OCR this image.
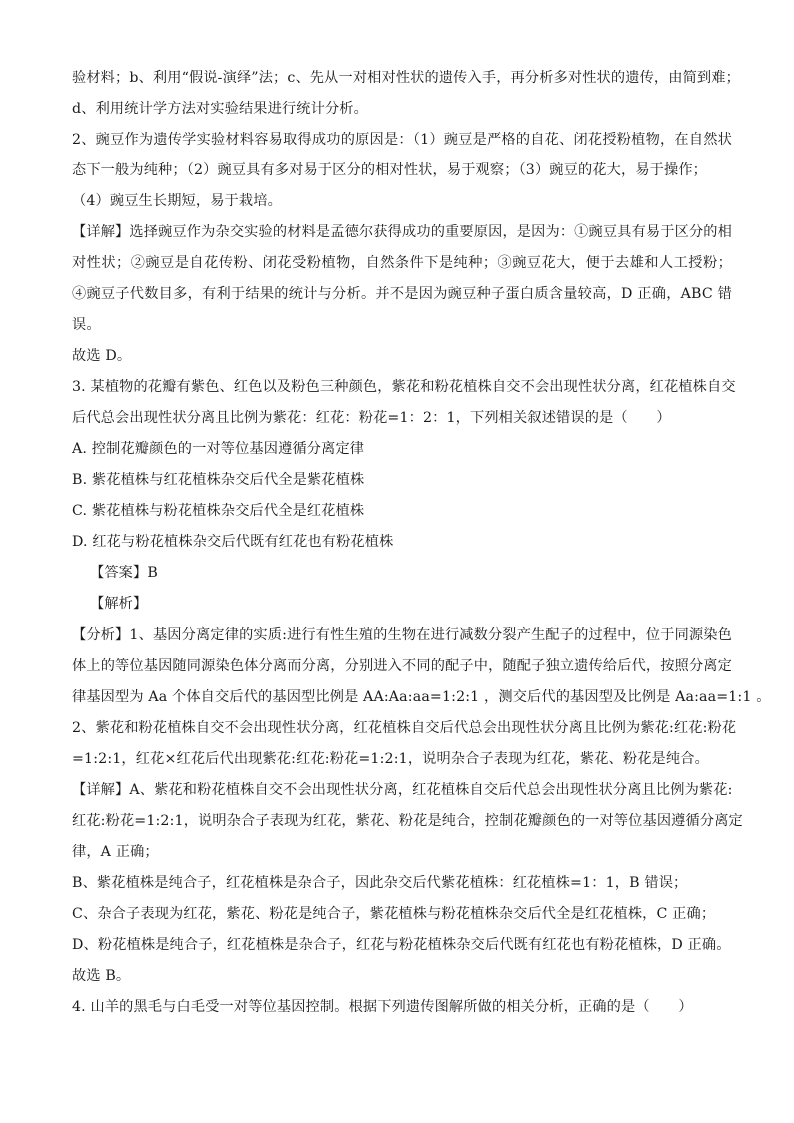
验材料；b、利用“假说-演绎”法；c、先从一对相对性状的遗传入手，再分析多对性状的遗传，由简到难；
d、利用统计学方法对实验结果进行统计分析。
2、豌豆作为遗传学实验材料容易取得成功的原因是：（1）豌豆是严格的自花、闭花授粉植物，在自然状
态下一般为纯种；（2）豌豆具有多对易于区分的相对性状，易于观察；（3）豌豆的花大，易于操作；
（4）豌豆生长期短，易于栽培。
【详解】选择豌豆作为杂交实验的材料是孟德尔获得成功的重要原因，是因为：①豌豆具有易于区分的相
对性状；②豌豆是自花传粉、闭花受粉植物，自然条件下是纯种；③豌豆花大，便于去雄和人工授粉；
④豌豆子代数目多，有利于结果的统计与分析。并不是因为豌豆种子蛋白质含量较高，D 正确，ABC 错
误。
故选 D。
3. 某植物的花瓣有紫色、红色以及粉色三种颜色，紫花和粉花植株自交不会出现性状分离，红花植株自交
后代总会出现性状分离且比例为紫花：红花：粉花=1：2：1，下列相关叙述错误的是（　　）
A. 控制花瓣颜色的一对等位基因遵循分离定律
B. 紫花植株与红花植株杂交后代全是紫花植株
C. 紫花植株与粉花植株杂交后代全是红花植株
D. 红花与粉花植株杂交后代既有红花也有粉花植株
【答案】B
【解析】
【分析】1、基因分离定律的实质:进行有性生殖的生物在进行减数分裂产生配子的过程中，位于同源染色
体上的等位基因随同源染色体分离而分离，分别进入不同的配子中，随配子独立遗传给后代，按照分离定
律基因型为 Aa 个体自交后代的基因型比例是 AA:Aa:aa=1:2:1 ，测交后代的基因型及比例是 Aa:aa=1:1 。
2、紫花和粉花植株自交不会出现性状分离，红花植株自交后代总会出现性状分离且比例为紫花:红花:粉花
=1:2:1，红花×红花后代出现紫花:红花:粉花=1:2:1，说明杂合子表现为红花，紫花、粉花是纯合。
【详解】A、紫花和粉花植株自交不会出现性状分离，红花植株自交后代总会出现性状分离且比例为紫花:
红花:粉花=1:2:1，说明杂合子表现为红花，紫花、粉花是纯合，控制花瓣颜色的一对等位基因遵循分离定
律，A 正确；
B、紫花植株是纯合子，红花植株是杂合子，因此杂交后代紫花植株：红花植株=1：1，B 错误；
C、杂合子表现为红花，紫花、粉花是纯合子，紫花植株与粉花植株杂交后代全是红花植株，C 正确；
D、粉花植株是纯合子，红花植株是杂合子，红花与粉花植株杂交后代既有红花也有粉花植株，D 正确。
故选 B。
4. 山羊的黑毛与白毛受一对等位基因控制。根据下列遗传图解所做的相关分析，正确的是（　　）
